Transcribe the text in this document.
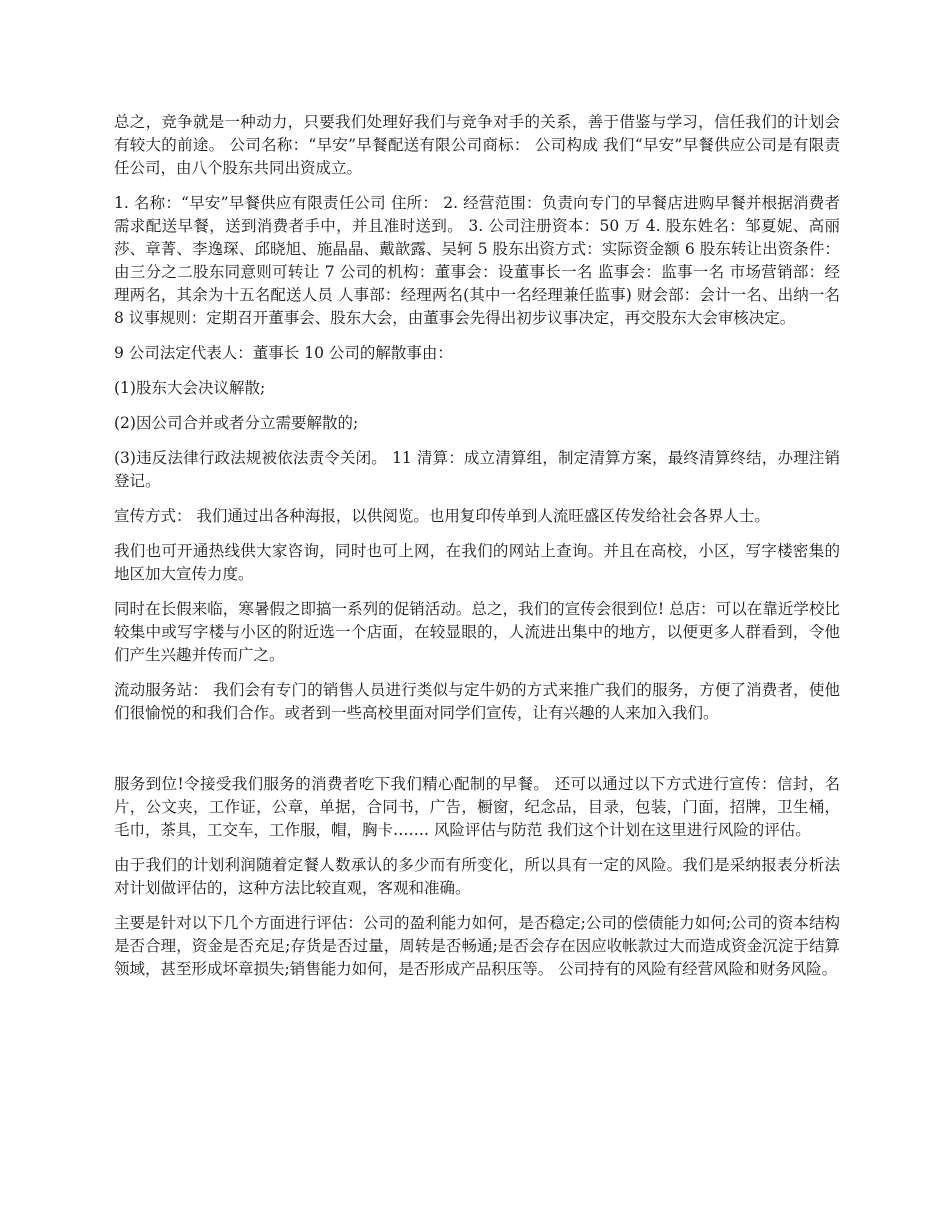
总之，竞争就是一种动力，只要我们处理好我们与竞争对手的关系，善于借鉴与学习，信任我们的计划会有较大的前途。 公司名称：“早安”早餐配送有限公司商标： 公司构成 我们“早安”早餐供应公司是有限责任公司，由八个股东共同出资成立。

1. 名称：“早安”早餐供应有限责任公司 住所： 2. 经营范围：负责向专门的早餐店进购早餐并根据消费者需求配送早餐，送到消费者手中，并且准时送到。 3. 公司注册资本：50 万 4. 股东姓名：邹夏妮、高丽莎、章菁、李逸琛、邱晓旭、施晶晶、戴歆露、吴轲 5 股东出资方式：实际资金额 6 股东转让出资条件：由三分之二股东同意则可转让 7 公司的机构：董事会：设董事长一名 监事会：监事一名 市场营销部：经理两名，其余为十五名配送人员 人事部：经理两名(其中一名经理兼任监事) 财会部：会计一名、出纳一名 8 议事规则：定期召开董事会、股东大会，由董事会先得出初步议事决定，再交股东大会审核决定。

9 公司法定代表人：董事长 10 公司的解散事由：

(1)股东大会决议解散;

(2)因公司合并或者分立需要解散的;

(3)违反法律行政法规被依法责令关闭。 11 清算：成立清算组，制定清算方案，最终清算终结，办理注销登记。

宣传方式： 我们通过出各种海报，以供阅览。也用复印传单到人流旺盛区传发给社会各界人士。

我们也可开通热线供大家咨询，同时也可上网，在我们的网站上查询。并且在高校，小区，写字楼密集的地区加大宣传力度。

同时在长假来临，寒暑假之即搞一系列的促销活动。总之，我们的宣传会很到位! 总店：可以在靠近学校比较集中或写字楼与小区的附近选一个店面，在较显眼的，人流进出集中的地方，以便更多人群看到，令他们产生兴趣并传而广之。

流动服务站： 我们会有专门的销售人员进行类似与定牛奶的方式来推广我们的服务，方便了消费者，使他们很愉悦的和我们合作。或者到一些高校里面对同学们宣传，让有兴趣的人来加入我们。

服务到位!令接受我们服务的消费者吃下我们精心配制的早餐。 还可以通过以下方式进行宣传：信封，名片，公文夹，工作证，公章，单据，合同书，广告，橱窗，纪念品，目录，包装，门面，招牌，卫生桶，毛巾，茶具，工交车，工作服，帽，胸卡……. 风险评估与防范 我们这个计划在这里进行风险的评估。

由于我们的计划利润随着定餐人数承认的多少而有所变化，所以具有一定的风险。我们是采纳报表分析法对计划做评估的，这种方法比较直观，客观和准确。

主要是针对以下几个方面进行评估：公司的盈利能力如何，是否稳定;公司的偿债能力如何;公司的资本结构是否合理，资金是否充足;存货是否过量，周转是否畅通;是否会存在因应收帐款过大而造成资金沉淀于结算领域，甚至形成坏章损失;销售能力如何，是否形成产品积压等。 公司持有的风险有经营风险和财务风险。
